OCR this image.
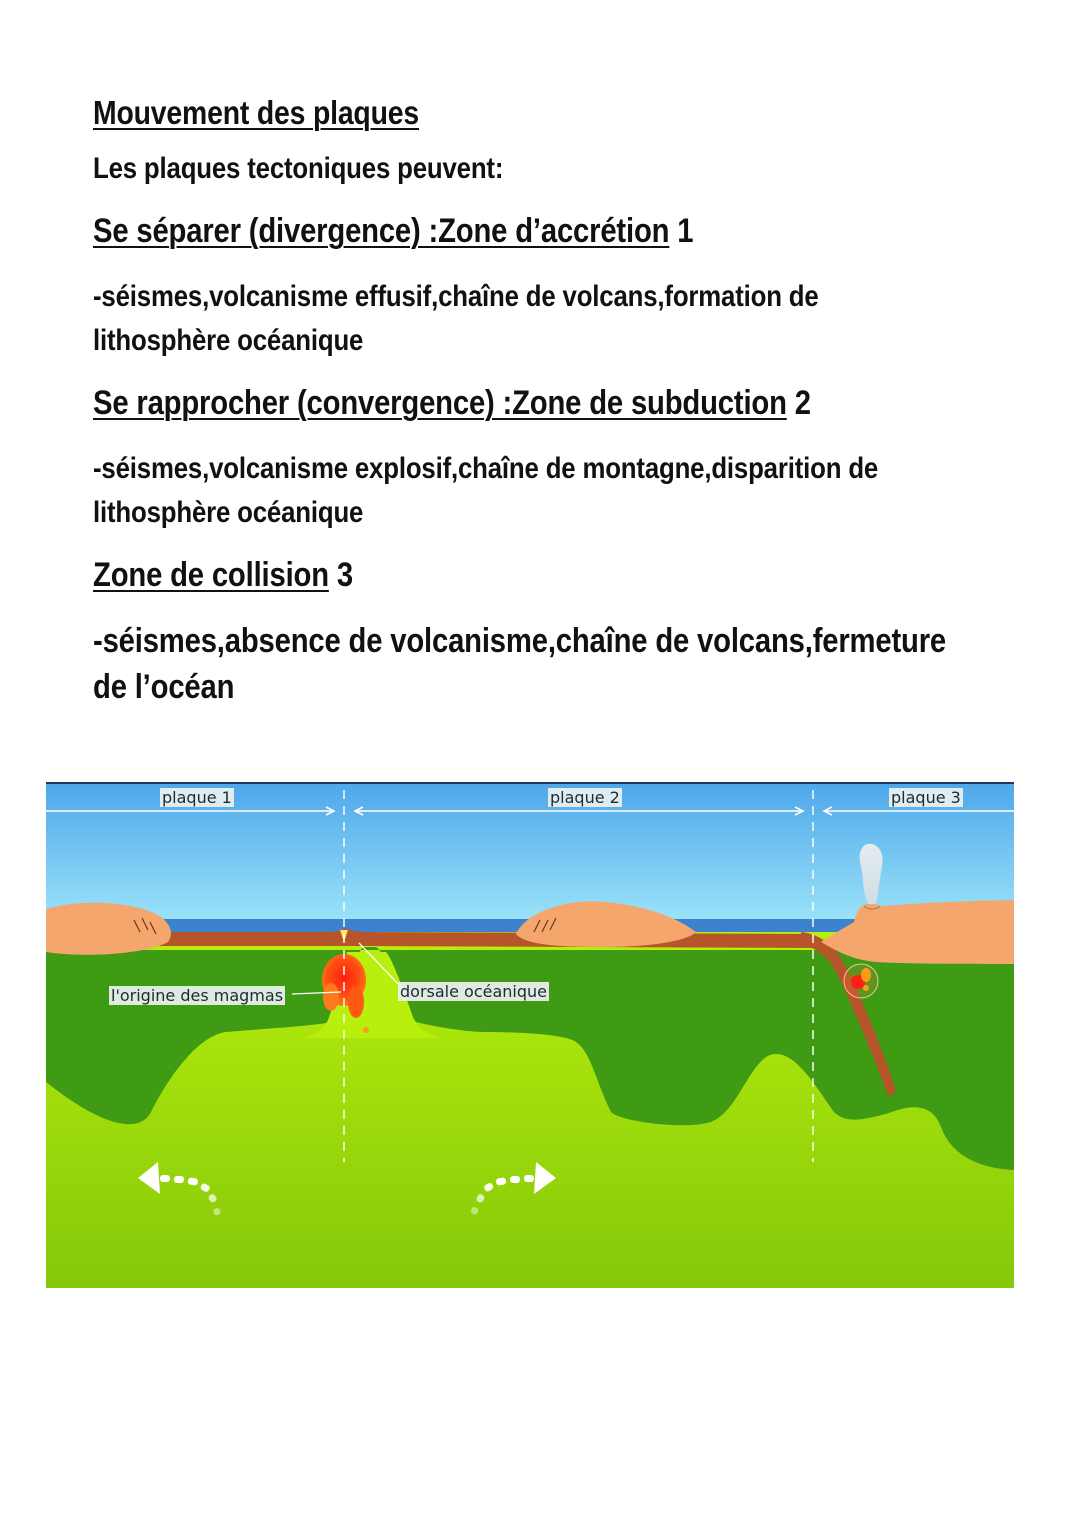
Mouvement des plaques
Les plaques tectoniques peuvent:
Se séparer (divergence) :Zone d’accrétion 1
-séismes,volcanisme effusif,chaîne de volcans,formation de
lithosphère océanique
Se rapprocher (convergence) :Zone de subduction 2
-séismes,volcanisme explosif,chaîne de montagne,disparition de
lithosphère océanique
Zone de collision 3
-séismes,absence de volcanisme,chaîne de volcans,fermeture
de l’océan
plaque 1	plaque 2	plaque 3
l'origine des magmas	dorsale océanique
